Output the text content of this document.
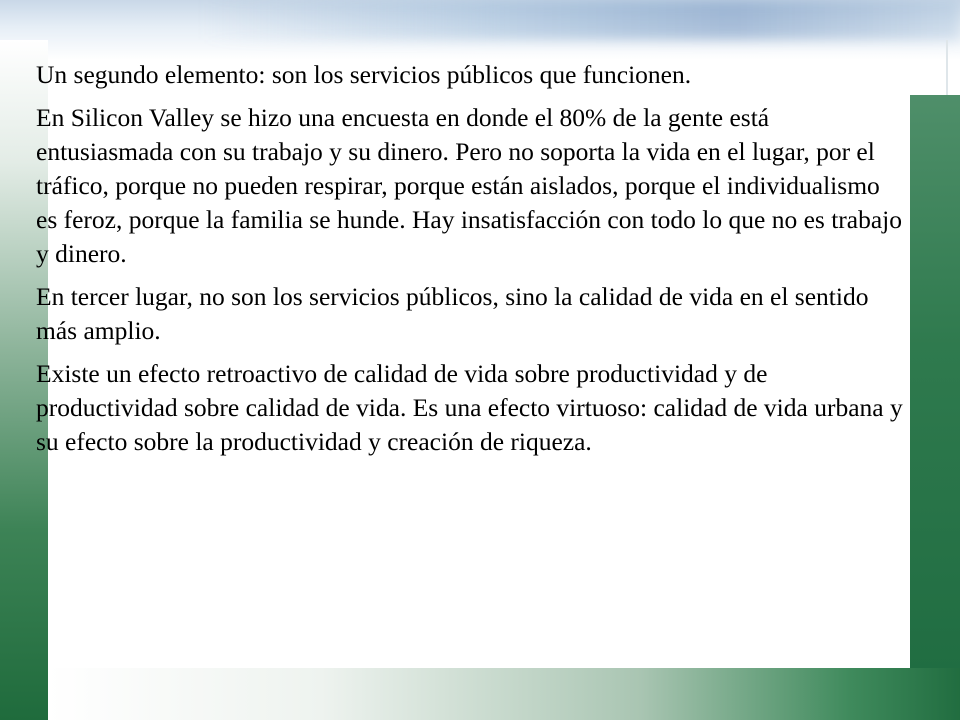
Un segundo elemento: son los servicios públicos que funcionen.

En Silicon Valley se hizo una encuesta en donde el 80% de la gente está entusiasmada con su trabajo y su dinero. Pero no soporta la vida en el lugar, por el tráfico, porque no pueden respirar, porque están aislados, porque el individualismo es feroz, porque la familia se hunde. Hay insatisfacción con todo lo que no es trabajo y dinero.

En tercer lugar, no son los servicios públicos, sino la calidad de vida en el sentido más amplio.

Existe un efecto retroactivo de calidad de vida sobre productividad y de productividad sobre calidad de vida. Es una efecto virtuoso: calidad de vida urbana y su efecto sobre la productividad y creación de riqueza.
